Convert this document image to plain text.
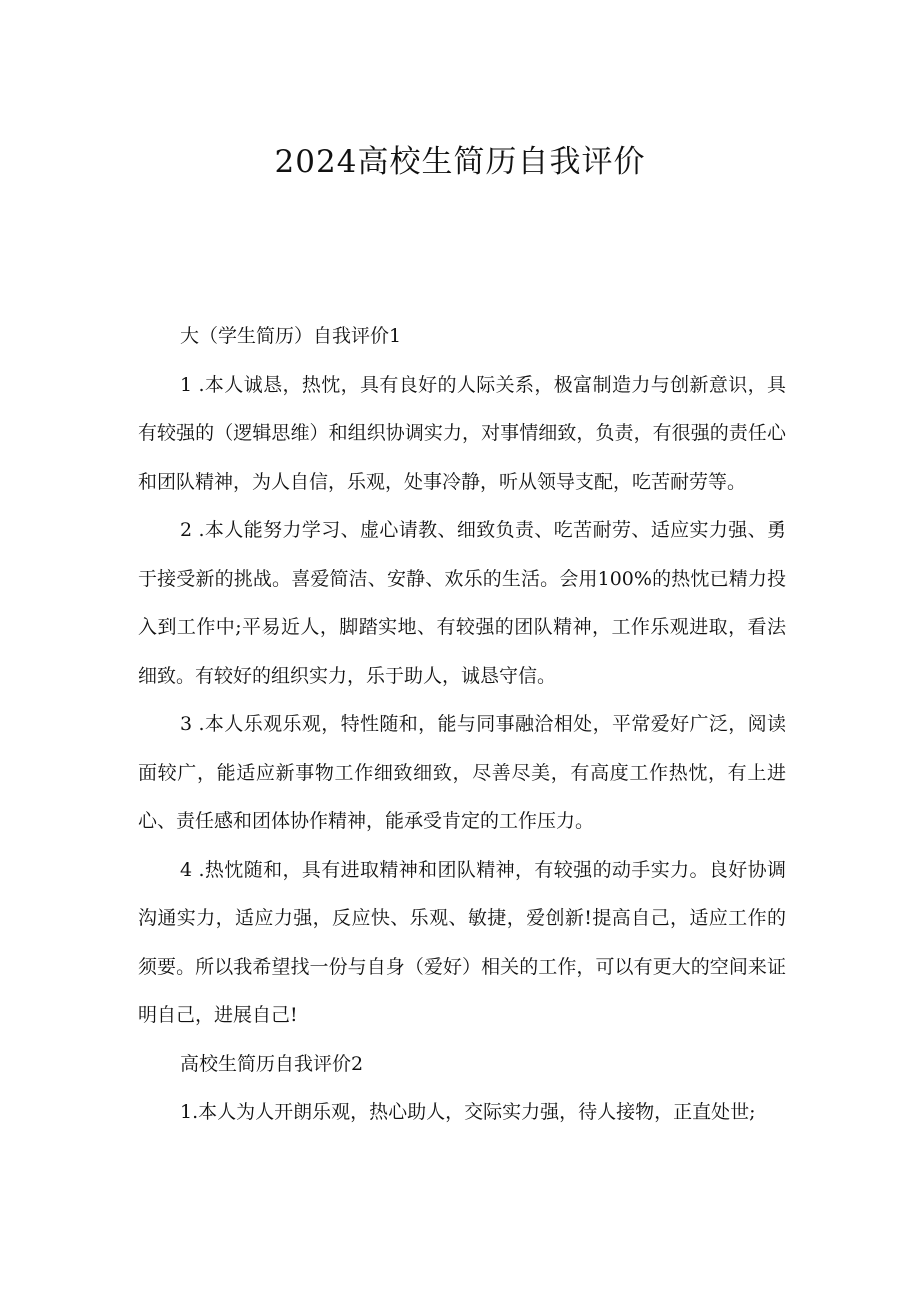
2024高校生简历自我评价

大（学生简历）自我评价1

1 .本人诚恳，热忱，具有良好的人际关系，极富制造力与创新意识，具有较强的（逻辑思维）和组织协调实力，对事情细致，负责，有很强的责任心和团队精神，为人自信，乐观，处事冷静，听从领导支配，吃苦耐劳等。

2 .本人能努力学习、虚心请教、细致负责、吃苦耐劳、适应实力强、勇于接受新的挑战。喜爱简洁、安静、欢乐的生活。会用100%的热忱已精力投入到工作中;平易近人，脚踏实地、有较强的团队精神，工作乐观进取，看法细致。有较好的组织实力，乐于助人，诚恳守信。

3 .本人乐观乐观，特性随和，能与同事融洽相处，平常爱好广泛，阅读面较广，能适应新事物工作细致细致，尽善尽美，有高度工作热忱，有上进心、责任感和团体协作精神，能承受肯定的工作压力。

4 .热忱随和，具有进取精神和团队精神，有较强的动手实力。良好协调沟通实力，适应力强，反应快、乐观、敏捷，爱创新!提高自己，适应工作的须要。所以我希望找一份与自身（爱好）相关的工作，可以有更大的空间来证明自己，进展自己!

高校生简历自我评价2

1.本人为人开朗乐观，热心助人，交际实力强，待人接物，正直处世;
